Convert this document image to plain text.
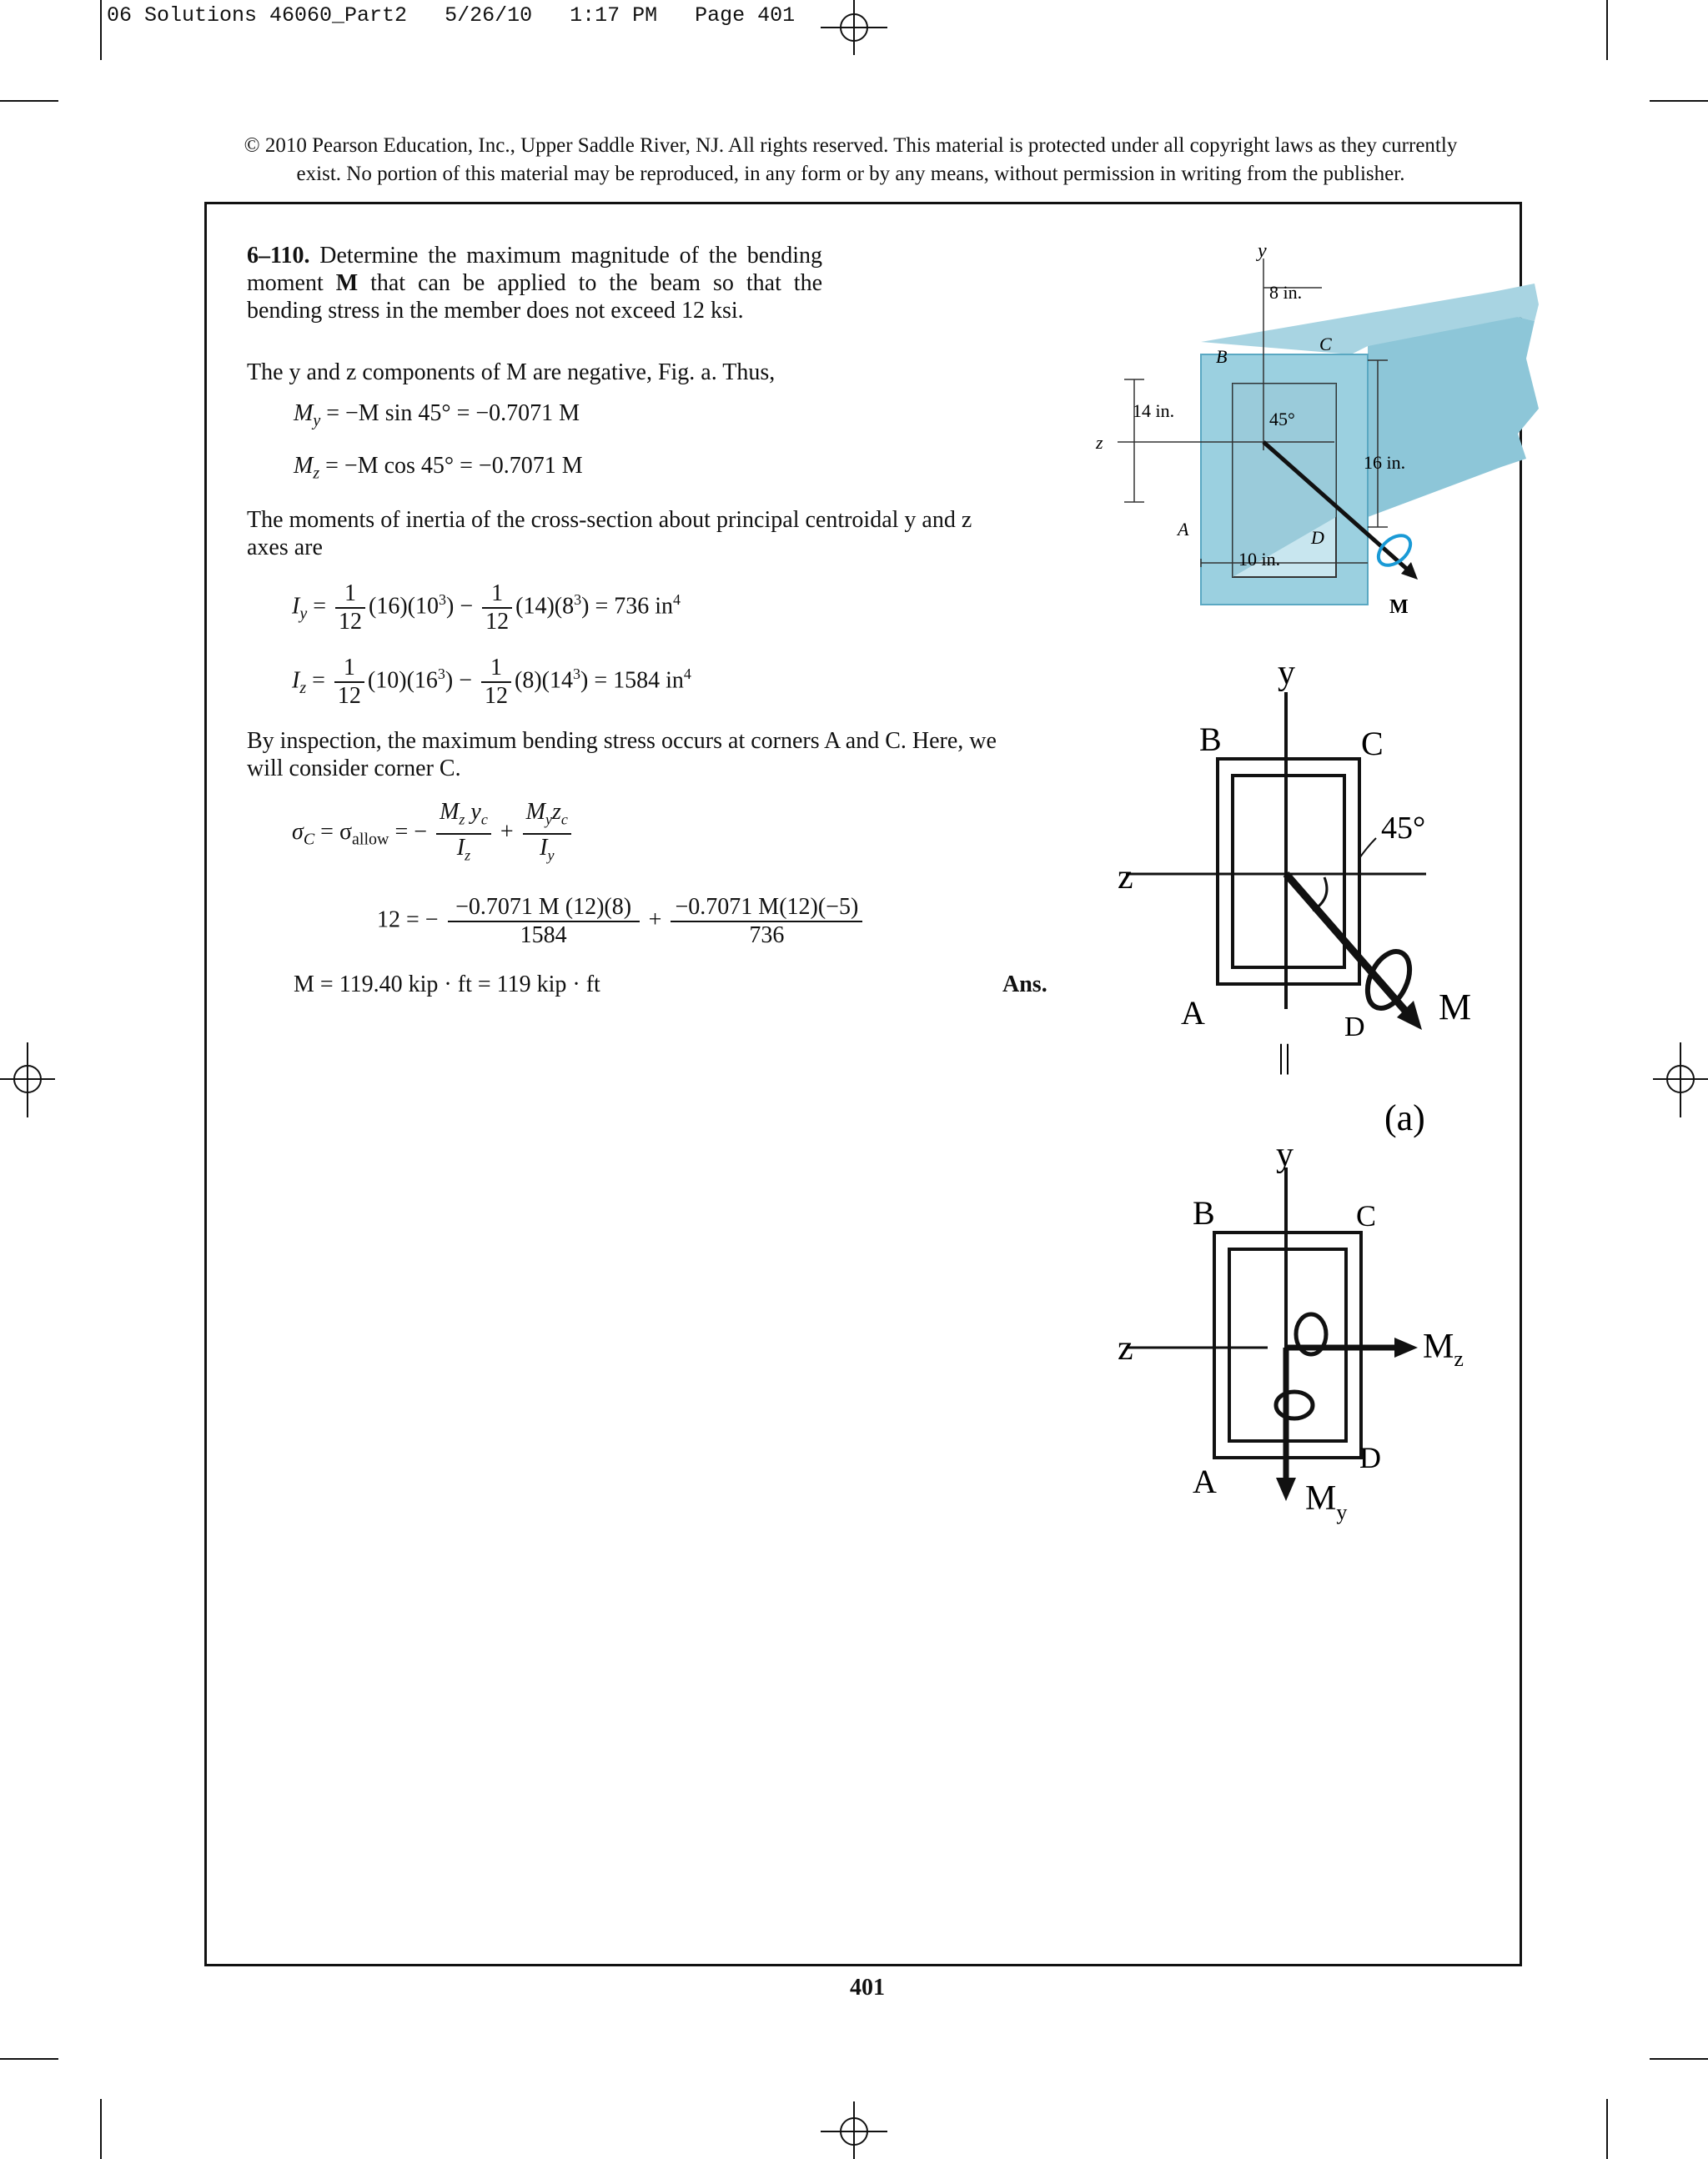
06 Solutions 46060_Part2   5/26/10   1:17 PM   Page 401
© 2010 Pearson Education, Inc., Upper Saddle River, NJ. All rights reserved. This material is protected under all copyright laws as they currently
exist. No portion of this material may be reproduced, in any form or by any means, without permission in writing from the publisher.
6–110. Determine the maximum magnitude of the bending moment M that can be applied to the beam so that the bending stress in the member does not exceed 12 ksi.
The y and z components of M are negative, Fig. a. Thus,
$M_y = -M$ sin 45° = −0.7071 M
$M_z = -M$ cos 45° = −0.7071 M
The moments of inertia of the cross-section about principal centroidal y and z
axes are
$I_y = \frac{1}{12} (16)(10^3) - \frac{1}{12} (14)(8^3) = 736$ $in^4$
$I_z = \frac{1}{12} (10)(16^3) - \frac{1}{12} (8)(14^3) = 1584$ $in^4$
By inspection, the maximum bending stress occurs at corners A and C. Here, we
will consider corner C.
$\sigma_C = \sigma_{allow}$ = − $\frac{M_z y_c}{I_z} + \frac{M_yz_c}{I_y}$
12 = − $\frac{-0.7071 M (12)(8)}{1584} + \frac{-0.7071 M(12)(-5)}{736}$
M = 119.40 kip · ft = 119 kip · ft	Ans.
y
8 in.
B
C
14 in.
z
45°
16 in.
A	D
10 in.
M
y
B	C
45°
z
A	D M
||
(a)
y
B	C
z	$M_z$
A
D
$M_y$
401
